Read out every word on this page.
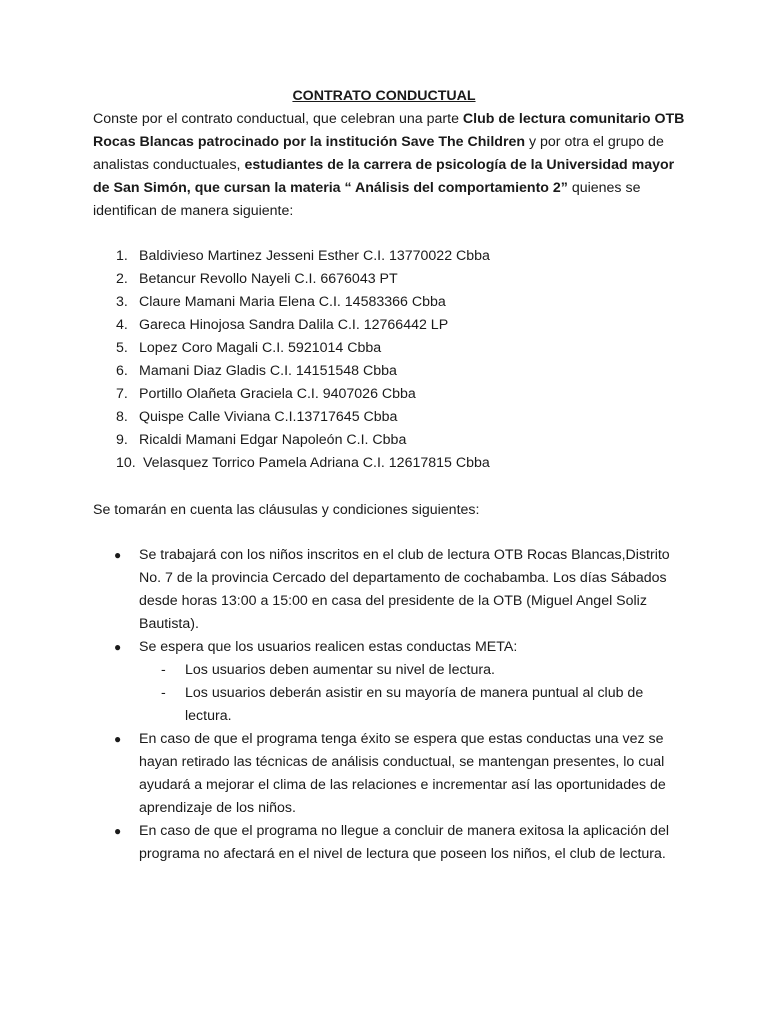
CONTRATO CONDUCTUAL

Conste por el contrato conductual, que celebran una parte Club de lectura comunitario OTB Rocas Blancas patrocinado por la institución Save The Children y por otra el grupo de analistas conductuales, estudiantes de la carrera de psicología de la Universidad mayor de San Simón, que cursan la materia “ Análisis del comportamiento 2” quienes se identifican de manera siguiente:

1. Baldivieso Martinez Jesseni Esther C.I. 13770022 Cbba
2. Betancur Revollo Nayeli C.I. 6676043 PT
3. Claure Mamani Maria Elena C.I. 14583366 Cbba
4. Gareca Hinojosa Sandra Dalila C.I. 12766442 LP
5. Lopez Coro Magali C.I. 5921014 Cbba
6. Mamani Diaz Gladis C.I. 14151548 Cbba
7. Portillo Olañeta Graciela C.I. 9407026 Cbba
8. Quispe Calle Viviana C.I.13717645 Cbba
9. Ricaldi Mamani Edgar Napoleón C.I. Cbba
10. Velasquez Torrico Pamela Adriana C.I. 12617815 Cbba
Se tomarán en cuenta las cláusulas y condiciones siguientes:
● Se trabajará con los niños inscritos en el club de lectura OTB Rocas Blancas,Distrito No. 7 de la provincia Cercado del departamento de cochabamba. Los días Sábados desde horas 13:00 a 15:00 en casa del presidente de la OTB (Miguel Angel Soliz Bautista).
● Se espera que los usuarios realicen estas conductas META:
- Los usuarios deben aumentar su nivel de lectura.
- Los usuarios deberán asistir en su mayoría de manera puntual al club de lectura.
● En caso de que el programa tenga éxito se espera que estas conductas una vez se hayan retirado las técnicas de análisis conductual, se mantengan presentes, lo cual ayudará a mejorar el clima de las relaciones e incrementar así las oportunidades de aprendizaje de los niños.
● En caso de que el programa no llegue a concluir de manera exitosa la aplicación del programa no afectará en el nivel de lectura que poseen los niños, el club de lectura.
